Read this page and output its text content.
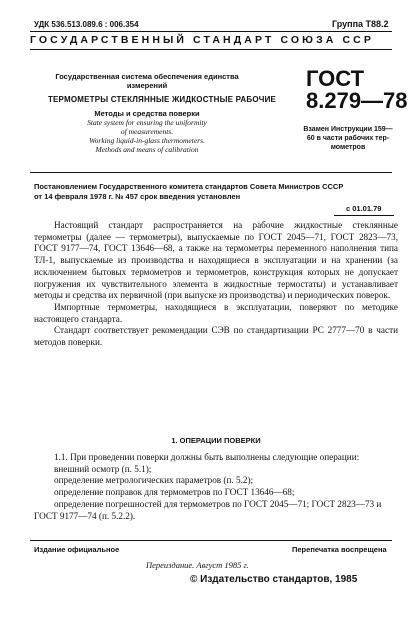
УДК 536.513.089.6 : 006.354	Группа Т88.2
ГОСУДАРСТВЕННЫЙ СТАНДАРТ СОЮЗА ССР
Государственная система обеспечения единства
измерений
ТЕРМОМЕТРЫ СТЕКЛЯННЫЕ ЖИДКОСТНЫЕ РАБОЧИЕ
Методы и средства поверки
State system for ensuring the uniformity
of measurements.
Working liquid-in-glass thermometers.
Methods and means of calibration
ГОСТ
8.279—78
Взамен Инструкции 159—
60 в части рабочих тер-
мометров
Постановлением Государственного комитета стандартов Совета Министров СССР
от 14 февраля 1978 г. № 457 срок введения установлен
с 01.01.79

Настоящий стандарт распространяется на рабочие жидкостные стеклянные термометры (далее — термометры), выпускаемые по ГОСТ 2045—71, ГОСТ 2823—73, ГОСТ 9177—74, ГОСТ 13646—68, а также на термометры переменного наполнения типа ТЛ-1, выпускаемые из производства и находящиеся в эксплуатации и на хранении (за исключением бытовых термометров и термометров, конструкция которых не допускает погружения их чувствительного элемента в жидкостные термостаты) и устанавливает методы и средства их первичной (при выпуске из производства) и периодических поверок.

Импортные термометры, находящиеся в эксплуатации, поверяют по методике настоящего стандарта.

Стандарт соответствует рекомендации СЭВ по стандартизации РС 2777—70 в части методов поверки.

1. ОПЕРАЦИИ ПОВЕРКИ

1.1. При проведении поверки должны быть выполнены следующие операции:

внешний осмотр (п. 5.1);

определение метрологических параметров (п. 5.2);

определение поправок для термометров по ГОСТ 13646—68;

определение погрешностей для термометров по ГОСТ 2045—71; ГОСТ 2823—73 и ГОСТ 9177—74 (п. 5.2.2).

Издание официальное	Перепечатка воспрещена
Переиздание. Август 1985 г.
© Издательство стандартов, 1985
